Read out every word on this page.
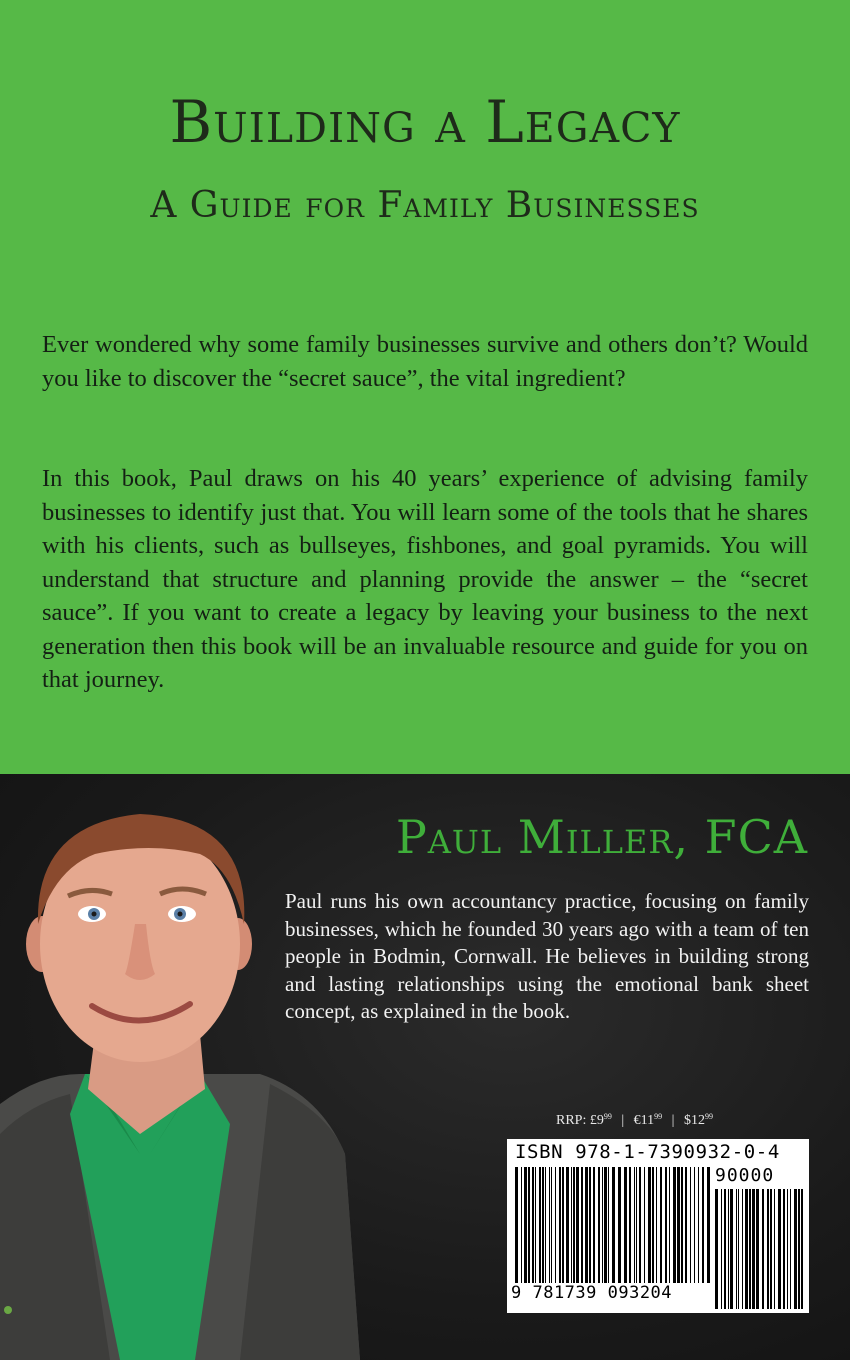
Building a Legacy
A Guide for Family Businesses

Ever wondered why some family businesses survive and others don’t? Would you like to discover the “secret sauce”, the vital ingredient?

In this book, Paul draws on his 40 years’ experience of advising family businesses to identify just that. You will learn some of the tools that he shares with his clients, such as bullseyes, fishbones, and goal pyramids. You will understand that structure and planning provide the answer – the “secret sauce”. If you want to create a legacy by leaving your business to the next generation then this book will be an invaluable resource and guide for you on that journey.

Paul Miller, FCA

Paul runs his own accountancy practice, focusing on family businesses, which he founded 30 years ago with a team of ten people in Bodmin, Cornwall. He believes in building strong and lasting relationships using the emotional bank sheet concept, as explained in the book.

RRP: $£9^{99}$ | $€11^{99}$ | $\$12^{99}$
ISBN 978-1-7390932-0-4
90000
9 781739 093204
